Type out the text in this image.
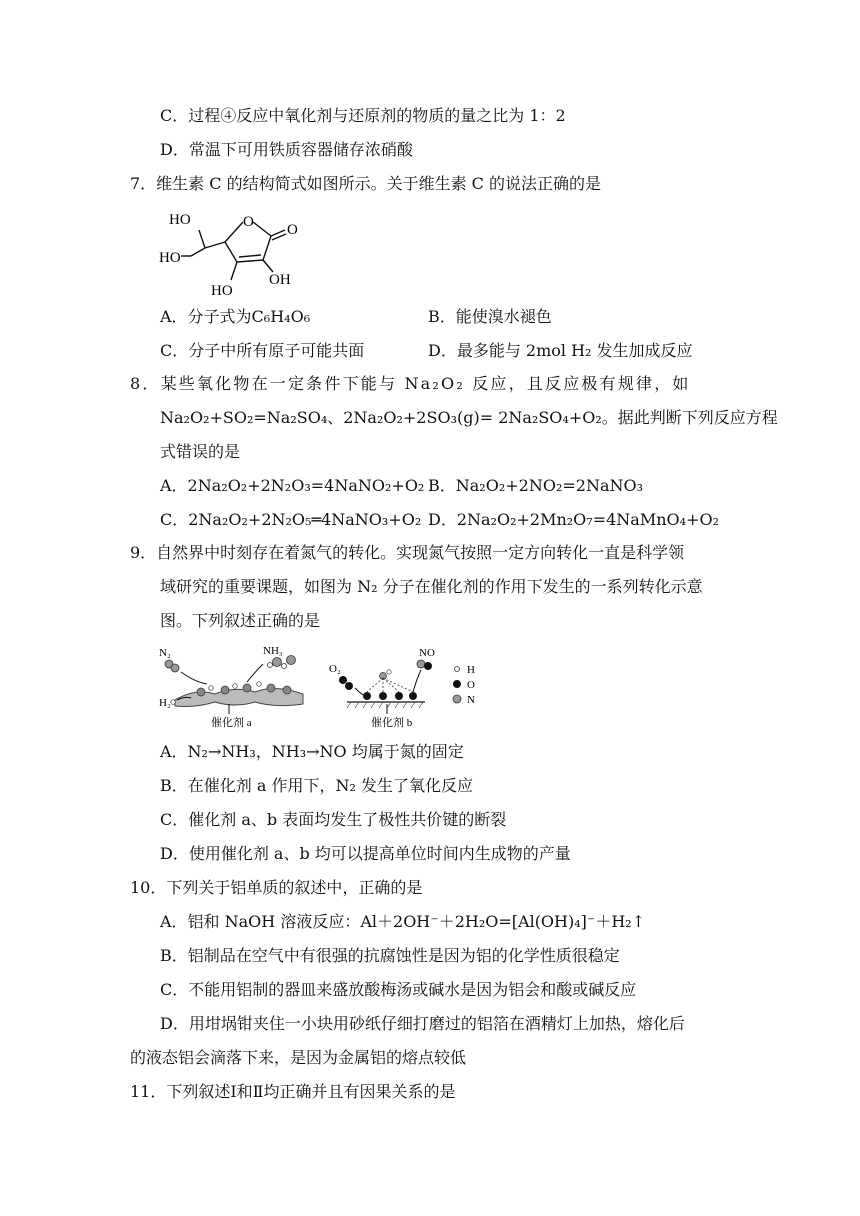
C．过程④反应中氧化剂与还原剂的物质的量之比为 1：2
D．常温下可用铁质容器储存浓硝酸
7．维生素 C 的结构简式如图所示。关于维生素 C 的说法正确的是
HO	O O
HO
HO
OH
A．分子式为C₆H₄O₆	B．能使溴水褪色
C．分子中所有原子可能共面	D．最多能与 2mol H₂ 发生加成反应
8．某些氧化物在一定条件下能与 Na₂O₂ 反应，且反应极有规律，如
Na₂O₂+SO₂=Na₂SO₄、2Na₂O₂+2SO₃(g)= 2Na₂SO₄+O₂。据此判断下列反应方程
式错误的是
A．2Na₂O₂+2N₂O₃=4NaNO₂+O₂ B．Na₂O₂+2NO₂=2NaNO₃
C．2Na₂O₂+2N₂O₅═4NaNO₃+O₂ D．2Na₂O₂+2Mn₂O₇=4NaMnO₄+O₂
9．自然界中时刻存在着氮气的转化。实现氮气按照一定方向转化一直是科学领
域研究的重要课题，如图为 N₂ 分子在催化剂的作用下发生的一系列转化示意
图。下列叙述正确的是
N₂	NH₃
H₂
催化剂 a
O₂
NO
催化剂 b
H
O
N
A．N₂→NH₃，NH₃→NO 均属于氮的固定
B．在催化剂 a 作用下，N₂ 发生了氧化反应
C．催化剂 a、b 表面均发生了极性共价键的断裂
D．使用催化剂 a、b 均可以提高单位时间内生成物的产量
10．下列关于铝单质的叙述中，正确的是
A．铝和 NaOH 溶液反应：Al＋2OH⁻＋2H₂O=[Al(OH)₄]⁻＋H₂↑
B．铝制品在空气中有很强的抗腐蚀性是因为铝的化学性质很稳定
C．不能用铝制的器皿来盛放酸梅汤或碱水是因为铝会和酸或碱反应
D．用坩埚钳夹住一小块用砂纸仔细打磨过的铝箔在酒精灯上加热，熔化后
的液态铝会滴落下来，是因为金属铝的熔点较低
11．下列叙述Ⅰ和Ⅱ均正确并且有因果关系的是
